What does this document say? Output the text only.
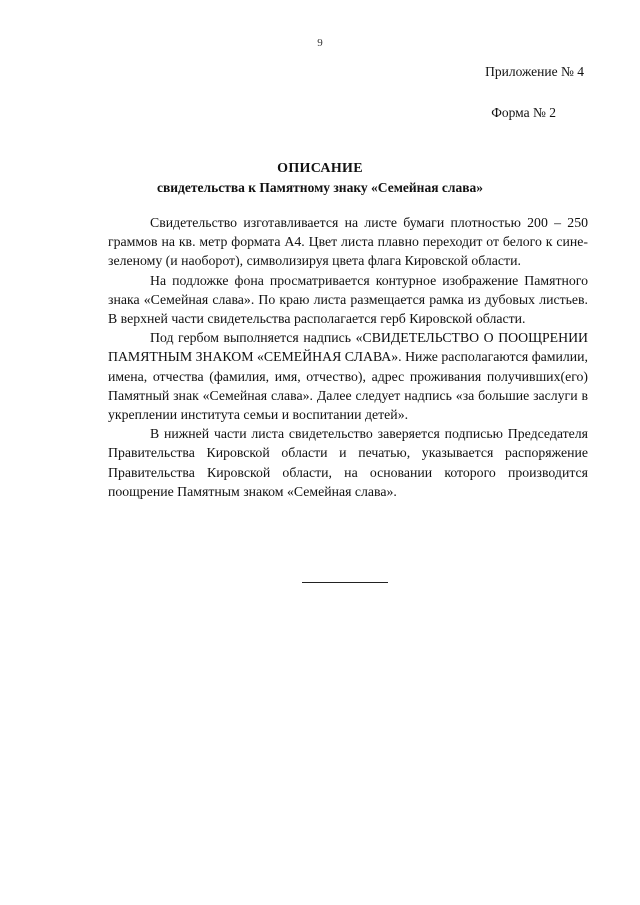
9
Приложение № 4
Форма № 2
ОПИСАНИЕ
свидетельства к Памятному знаку «Семейная слава»

Свидетельство изготавливается на листе бумаги плотностью 200 – 250 граммов на кв. метр формата А4. Цвет листа плавно переходит от белого к сине-зеленому (и наоборот), символизируя цвета флага Кировской области.

На подложке фона просматривается контурное изображение Памятного знака «Семейная слава». По краю листа размещается рамка из дубовых листьев. В верхней части свидетельства располагается герб Кировской области.

Под гербом выполняется надпись «СВИДЕТЕЛЬСТВО О ПООЩРЕНИИ ПАМЯТНЫМ ЗНАКОМ «СЕМЕЙНАЯ СЛАВА». Ниже располагаются фамилии, имена, отчества (фамилия, имя, отчество), адрес проживания получивших(его) Памятный знак «Семейная слава». Далее следует надпись «за большие заслуги в укреплении института семьи и воспитании детей».

В нижней части листа свидетельство заверяется подписью Председателя Правительства Кировской области и печатью, указывается распоряжение Правительства Кировской области, на основании которого производится поощрение Памятным знаком «Семейная слава».
